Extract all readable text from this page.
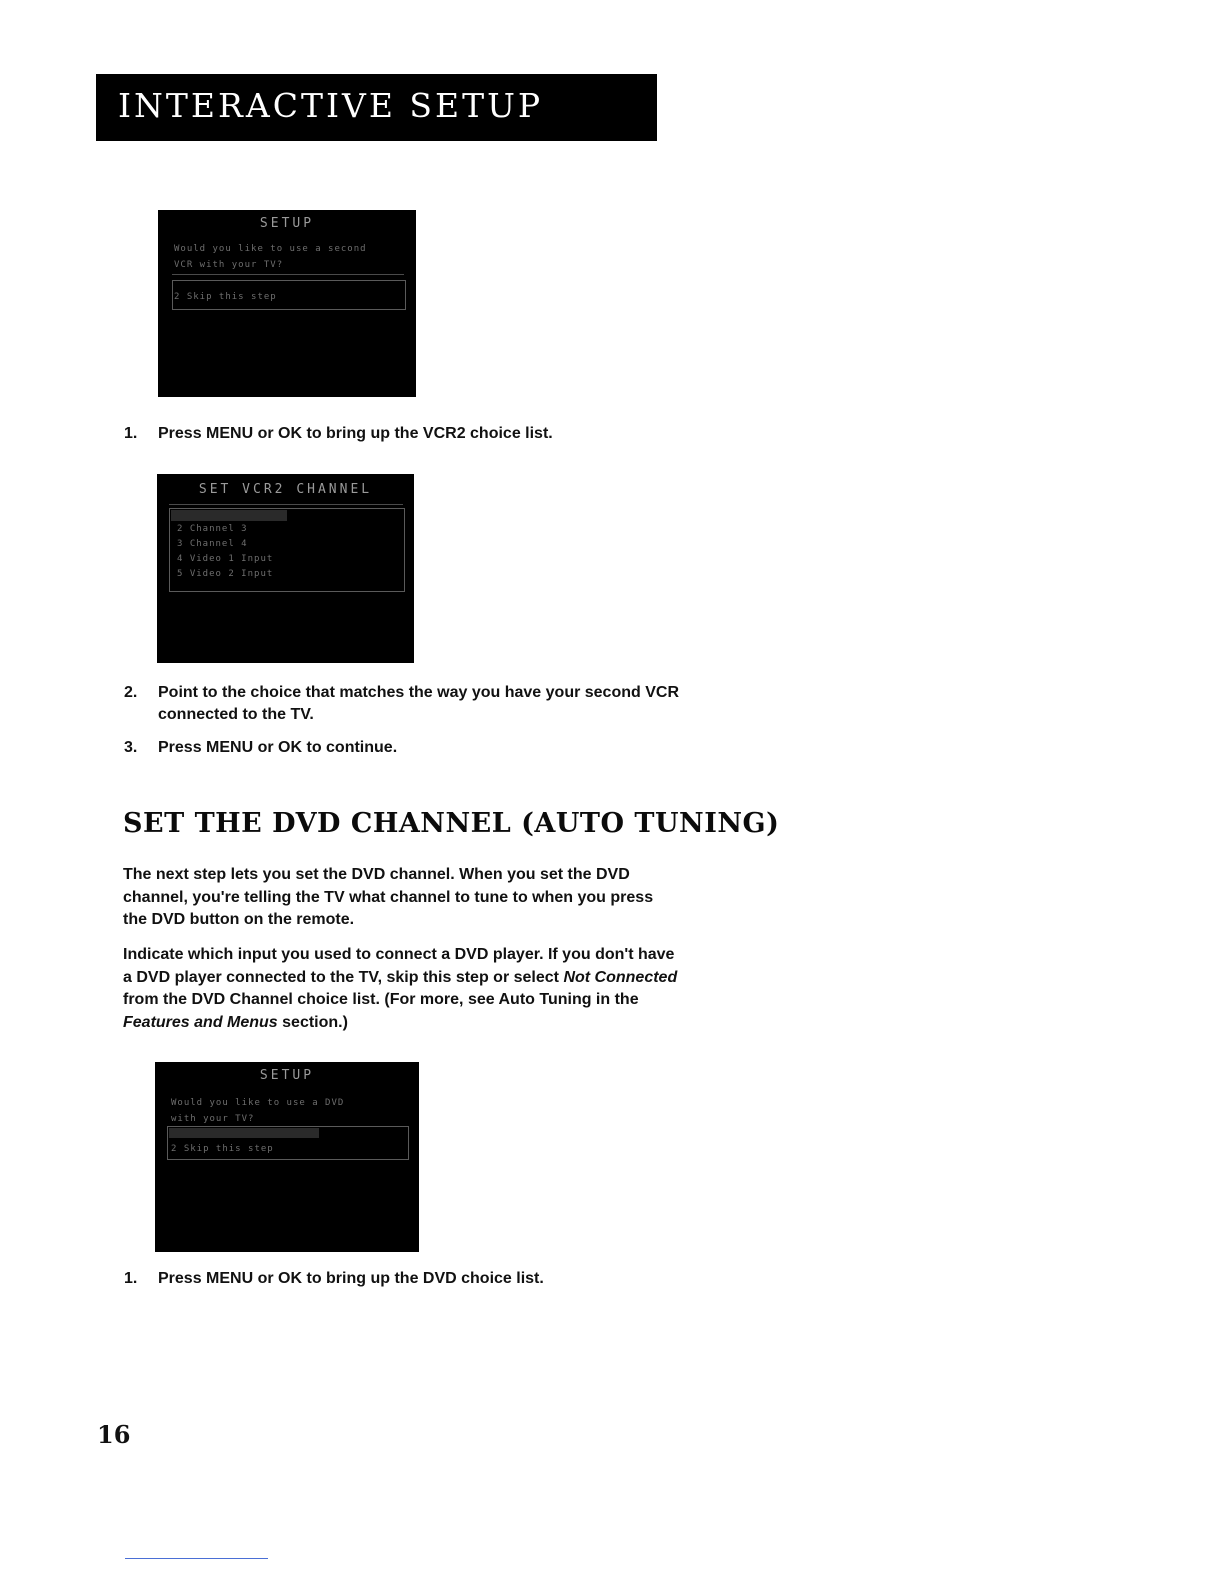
INTERACTIVE SETUP
SETUP
Would you like to use a second
VCR with your TV?
2 Skip this step
1. Press MENU or OK to bring up the VCR2 choice list.
SET VCR2 CHANNEL
2 Channel 3
3 Channel 4
4 Video 1 Input
5 Video 2 Input
2. Point to the choice that matches the way you have your second VCR
connected to the TV.
3. Press MENU or OK to continue.
SET THE DVD CHANNEL (AUTO TUNING)
The next step lets you set the DVD channel. When you set the DVD
channel, you're telling the TV what channel to tune to when you press
the DVD button on the remote.
Indicate which input you used to connect a DVD player. If you don't have
a DVD player connected to the TV, skip this step or select Not Connected
from the DVD Channel choice list. (For more, see Auto Tuning in the
Features and Menus section.)
SETUP
Would you like to use a DVD
with your TV?
2 Skip this step
1. Press MENU or OK to bring up the DVD choice list.
16
